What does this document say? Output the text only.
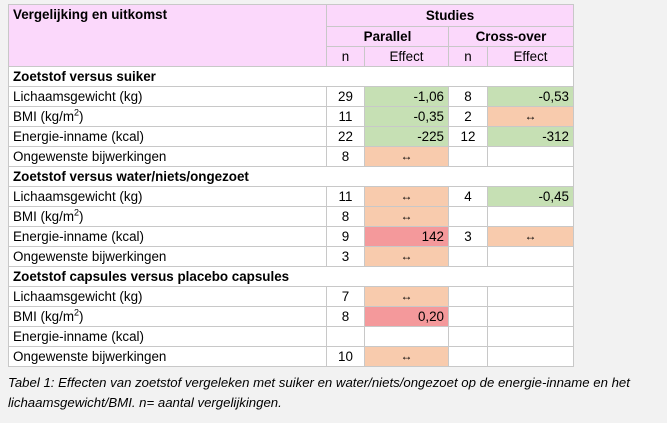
Vergelijking en uitkomst	Studies			
	Parallel		Cross-over	
	n	Effect	n	Effect
Zoetstof versus suiker				
Lichaamsgewicht (kg)	29	-1,06	8	-0,53
BMI $(kg/m^2)$	11	-0,35	2	↔
Energie-inname (kcal)	22	-225	12	-312
Ongewenste bijwerkingen	8	↔		
Zoetstof versus water/niets/ongezoet				
Lichaamsgewicht (kg)	11	↔	4	-0,45
BMI $(kg/m^2)$	8	↔		
Energie-inname (kcal)	9	142	3	↔
Ongewenste bijwerkingen	3	↔		
Zoetstof capsules versus placebo capsules				
Lichaamsgewicht (kg)	7	↔		
BMI $(kg/m^2)$	8	0,20		
Energie-inname (kcal)				
Ongewenste bijwerkingen	10	↔		
Tabel 1: Effecten van zoetstof vergeleken met suiker en water/niets/ongezoet op de energie-inname en het lichaamsgewicht/BMI. n= aantal vergelijkingen.
